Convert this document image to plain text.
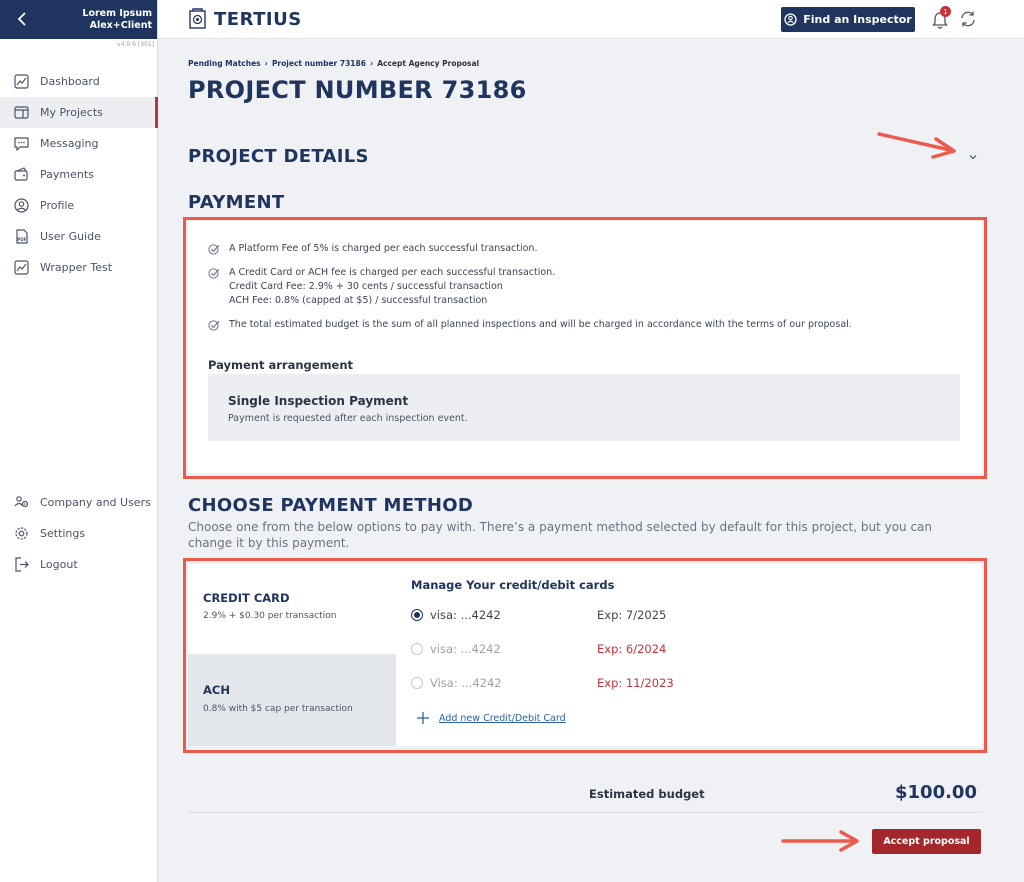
Lorem Ipsum
Alex+Client
v4.0.6 [301]
Dashboard
My Projects
Messaging
Payments
Profile
PDF User Guide
Wrapper Test
Company and Users
Settings
Logout
TERTIUS	Find an Inspector
1
Pending Matches › Project number 73186 › Accept Agency Proposal
PROJECT NUMBER 73186
PROJECT DETAILS
PAYMENT
A Platform Fee of 5% is charged per each successful transaction.
A Credit Card or ACH fee is charged per each successful transaction.
Credit Card Fee: 2.9% + 30 cents / successful transaction
ACH Fee: 0.8% (capped at $5) / successful transaction
The total estimated budget is the sum of all planned inspections and will be charged in accordance with the terms of our proposal.
Payment arrangement
Single Inspection Payment
Payment is requested after each inspection event.
CHOOSE PAYMENT METHOD

Choose one from the below options to pay with. There’s a payment method selected by default for this project, but you can change it by this payment.

CREDIT CARD
2.9% + $0.30 per transaction
ACH
0.8% with $5 cap per transaction
Manage Your credit/debit cards
visa: ...4242	Exp: 7/2025
visa: ...4242	Exp: 6/2024
Visa: ...4242	Exp: 11/2023
Add new Credit/Debit Card
Estimated budget	$100.00
Accept proposal
